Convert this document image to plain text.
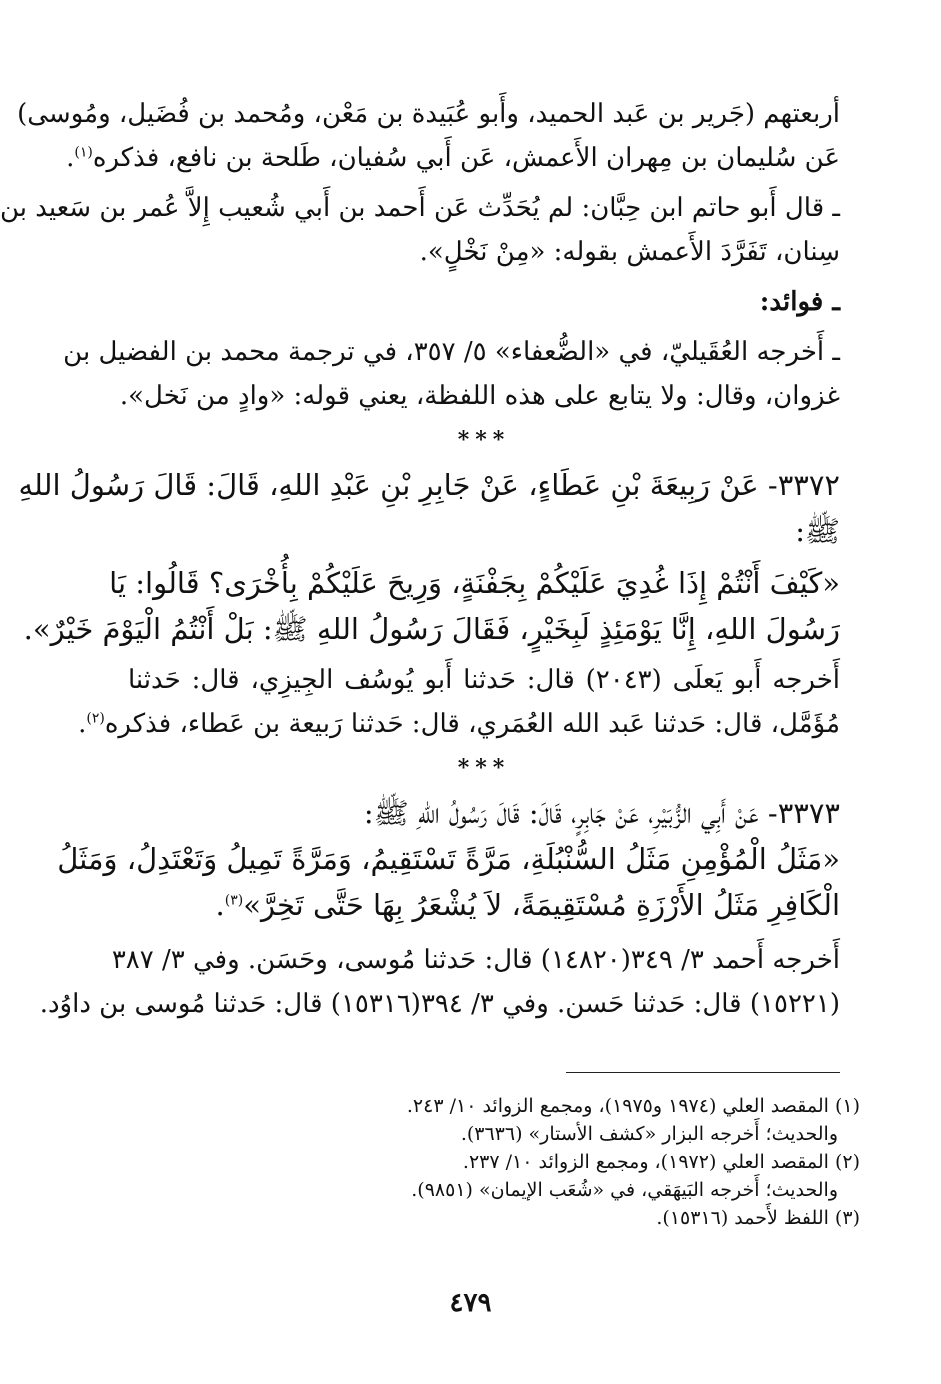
أربعتهم (جَرير بن عَبد الحميد، وأَبو عُبَيدة بن مَعْن، ومُحمد بن فُضَيل، ومُوسى)
عَن سُليمان بن مِهران الأَعمش، عَن أَبي سُفيان، طَلحة بن نافع، فذكره$^{(١)}$.
ـ قال أَبو حاتم ابن حِبَّان: لم يُحَدِّث عَن أَحمد بن أَبي شُعيب إِلاَّ عُمر بن سَعيد بن
سِنان، تَفَرَّدَ الأَعمش بقوله: «مِنْ نَخْلٍ».
ـ فوائد:
ـ أَخرجه العُقَيليّ، في «الضُّعفاء» ٥/ ٣٥٧، في ترجمة محمد بن الفضيل بن
غزوان، وقال: ولا يتابع على هذه اللفظة، يعني قوله: «وادٍ من نَخل».
***
٣٣٧٢- عَنْ رَبِيعَةَ بْنِ عَطَاءٍ، عَنْ جَابِرِ بْنِ عَبْدِ اللهِ، قَالَ: قَالَ رَسُولُ اللهِ
ﷺ:
«كَيْفَ أَنْتُمْ إِذَا غُدِيَ عَلَيْكُمْ بِجَفْنَةٍ، وَرِيحَ عَلَيْكُمْ بِأُخْرَى؟ قَالُوا: يَا
رَسُولَ اللهِ، إِنَّا يَوْمَئِذٍ لَبِخَيْرٍ، فَقَالَ رَسُولُ اللهِ ﷺ: بَلْ أَنْتُمُ الْيَوْمَ خَيْرٌ».
أَخرجه أَبو يَعلَى (٢٠٤٣) قال: حَدثنا أَبو يُوسُف الجِيزِي، قال: حَدثنا
مُؤَمَّل، قال: حَدثنا عَبد الله العُمَري، قال: حَدثنا رَبيعة بن عَطاء، فذكره$^{(٢)}$.
***
٣٣٧٣- عَنْ أَبِي الزُّبَيْرِ، عَنْ جَابِرٍ، قَالَ: قَالَ رَسُولُ اللهِ ﷺ:
«مَثَلُ الْمُؤْمِنِ مَثَلُ السُّنْبُلَةِ، مَرَّةً تَسْتَقِيمُ، وَمَرَّةً تَمِيلُ وَتَعْتَدِلُ، وَمَثَلُ
الْكَافِرِ مَثَلُ الأَرْزَةِ مُسْتَقِيمَةً، لاَ يُشْعَرُ بِهَا حَتَّى تَخِرَّ»$^{(٣)}$.
أَخرجه أَحمد ٣/ ٣٤٩(١٤٨٢٠) قال: حَدثنا مُوسى، وحَسَن. وفي ٣/ ٣٨٧
(١٥٢٢١) قال: حَدثنا حَسن. وفي ٣/ ٣٩٤(١٥٣١٦) قال: حَدثنا مُوسى بن داوُد.
(١) المقصد العلي (١٩٧٤ و١٩٧٥)، ومجمع الزوائد ١٠/ ٢٤٣.
والحديث؛ أَخرجه البزار «كشف الأستار» (٣٦٣٦).
(٢) المقصد العلي (١٩٧٢)، ومجمع الزوائد ١٠/ ٢٣٧.
والحديث؛ أَخرجه البَيهَقي، في «شُعَب الإيمان» (٩٨٥١).
(٣) اللفظ لأَحمد (١٥٣١٦).
٤٧٩
